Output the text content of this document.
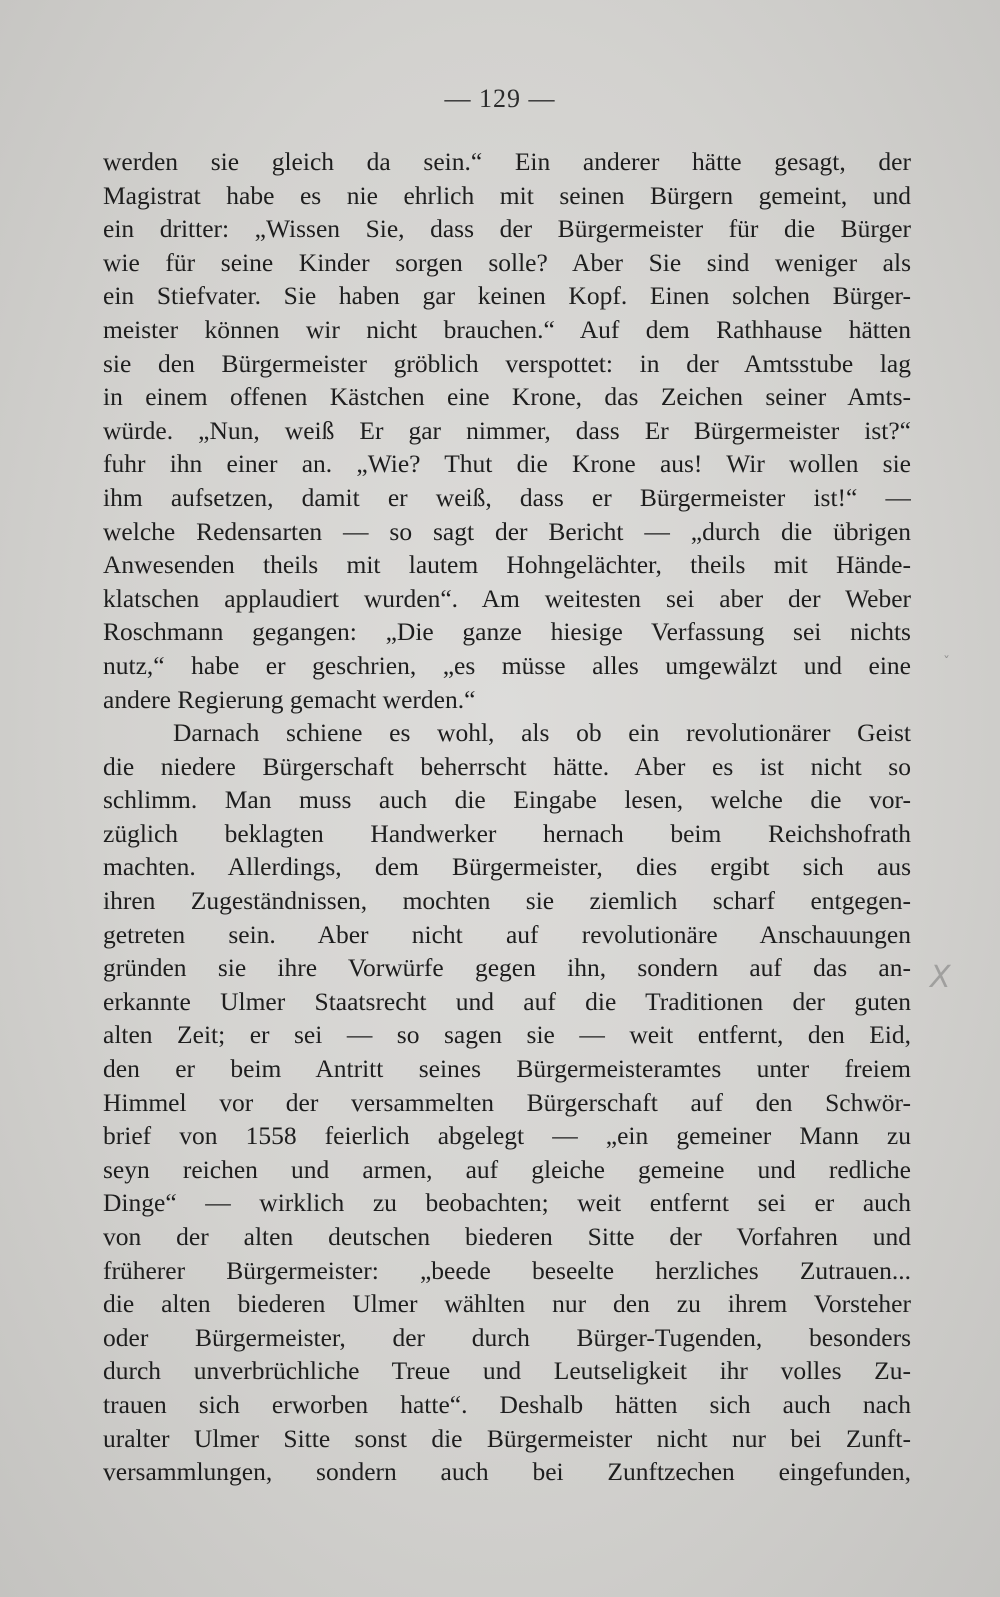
— 129 —
werden sie gleich da sein.“ Ein anderer hätte gesagt, der
Magistrat habe es nie ehrlich mit seinen Bürgern gemeint, und
ein dritter: „Wissen Sie, dass der Bürgermeister für die Bürger
wie für seine Kinder sorgen solle? Aber Sie sind weniger als
ein Stiefvater. Sie haben gar keinen Kopf. Einen solchen Bürger-
meister können wir nicht brauchen.“ Auf dem Rathhause hätten
sie den Bürgermeister gröblich verspottet: in der Amtsstube lag
in einem offenen Kästchen eine Krone, das Zeichen seiner Amts-
würde. „Nun, weiß Er gar nimmer, dass Er Bürgermeister ist?“
fuhr ihn einer an. „Wie? Thut die Krone aus! Wir wollen sie
ihm aufsetzen, damit er weiß, dass er Bürgermeister ist!“ —
welche Redensarten — so sagt der Bericht — „durch die übrigen
Anwesenden theils mit lautem Hohngelächter, theils mit Hände-
klatschen applaudiert wurden“. Am weitesten sei aber der Weber
Roschmann gegangen: „Die ganze hiesige Verfassung sei nichts
nutz,“ habe er geschrien, „es müsse alles umgewälzt und eine
andere Regierung gemacht werden.“
Darnach schiene es wohl, als ob ein revolutionärer Geist
die niedere Bürgerschaft beherrscht hätte. Aber es ist nicht so
schlimm. Man muss auch die Eingabe lesen, welche die vor-
züglich beklagten Handwerker hernach beim Reichshofrath
machten. Allerdings, dem Bürgermeister, dies ergibt sich aus
ihren Zugeständnissen, mochten sie ziemlich scharf entgegen-
getreten sein. Aber nicht auf revolutionäre Anschauungen
gründen sie ihre Vorwürfe gegen ihn, sondern auf das an-
erkannte Ulmer Staatsrecht und auf die Traditionen der guten
alten Zeit; er sei — so sagen sie — weit entfernt, den Eid,
den er beim Antritt seines Bürgermeisteramtes unter freiem
Himmel vor der versammelten Bürgerschaft auf den Schwör-
brief von 1558 feierlich abgelegt — „ein gemeiner Mann zu
seyn reichen und armen, auf gleiche gemeine und redliche
Dinge“ — wirklich zu beobachten; weit entfernt sei er auch
von der alten deutschen biederen Sitte der Vorfahren und
früherer Bürgermeister: „beede beseelte herzliches Zutrauen...
die alten biederen Ulmer wählten nur den zu ihrem Vorsteher
oder Bürgermeister, der durch Bürger-Tugenden, besonders
durch unverbrüchliche Treue und Leutseligkeit ihr volles Zu-
trauen sich erworben hatte“. Deshalb hätten sich auch nach
uralter Ulmer Sitte sonst die Bürgermeister nicht nur bei Zunft-
versammlungen, sondern auch bei Zunftzechen eingefunden,
ˇ
X
